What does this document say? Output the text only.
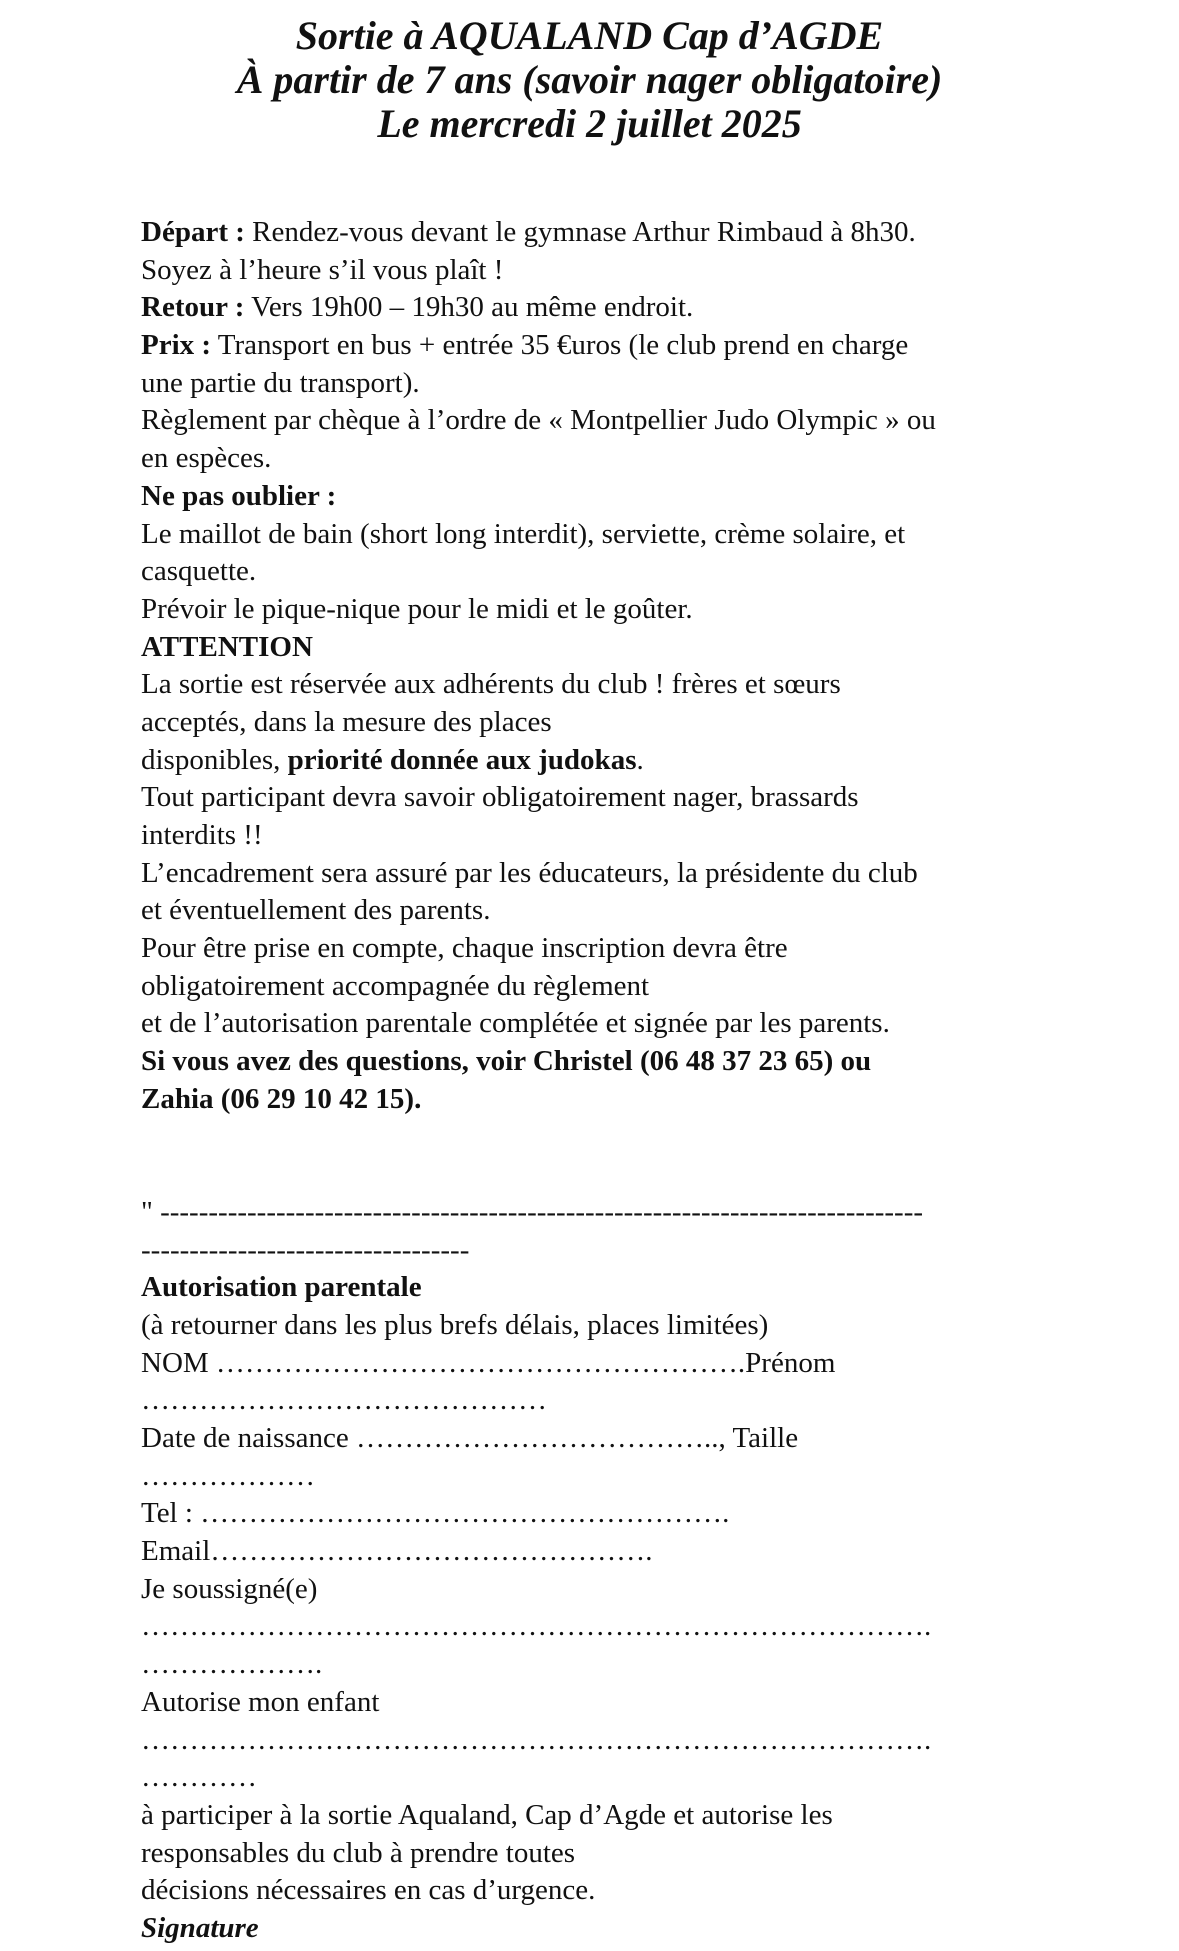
Sortie à AQUALAND Cap d’AGDE
À partir de 7 ans (savoir nager obligatoire)
Le mercredi 2 juillet 2025
Départ : Rendez-vous devant le gymnase Arthur Rimbaud à 8h30.
Soyez à l’heure s’il vous plaît !
Retour : Vers 19h00 – 19h30 au même endroit.
Prix : Transport en bus + entrée 35 €uros (le club prend en charge
une partie du transport).
Règlement par chèque à l’ordre de « Montpellier Judo Olympic » ou
en espèces.
Ne pas oublier :
Le maillot de bain (short long interdit), serviette, crème solaire, et
casquette.
Prévoir le pique-nique pour le midi et le goûter.
ATTENTION
La sortie est réservée aux adhérents du club ! frères et sœurs
acceptés, dans la mesure des places
disponibles, priorité donnée aux judokas.
Tout participant devra savoir obligatoirement nager, brassards
interdits !!
L’encadrement sera assuré par les éducateurs, la présidente du club
et éventuellement des parents.
Pour être prise en compte, chaque inscription devra être
obligatoirement accompagnée du règlement
et de l’autorisation parentale complétée et signée par les parents.
Si vous avez des questions, voir Christel (06 48 37 23 65) ou
Zahia (06 29 10 42 15).
" -------------------------------------------------------------------------------
----------------------------------
Autorisation parentale
(à retourner dans les plus brefs délais, places limitées)
NOM ……………………………………………….Prénom
……………………………………
Date de naissance ……………………………….., Taille
………………
Tel : ……………………………………………….
Email……………………………………….
Je soussigné(e)
……………………………………………………………………….
……………….
Autorise mon enfant
……………………………………………………………………….
…………
à participer à la sortie Aqualand, Cap d’Agde et autorise les
responsables du club à prendre toutes
décisions nécessaires en cas d’urgence.
Signature
